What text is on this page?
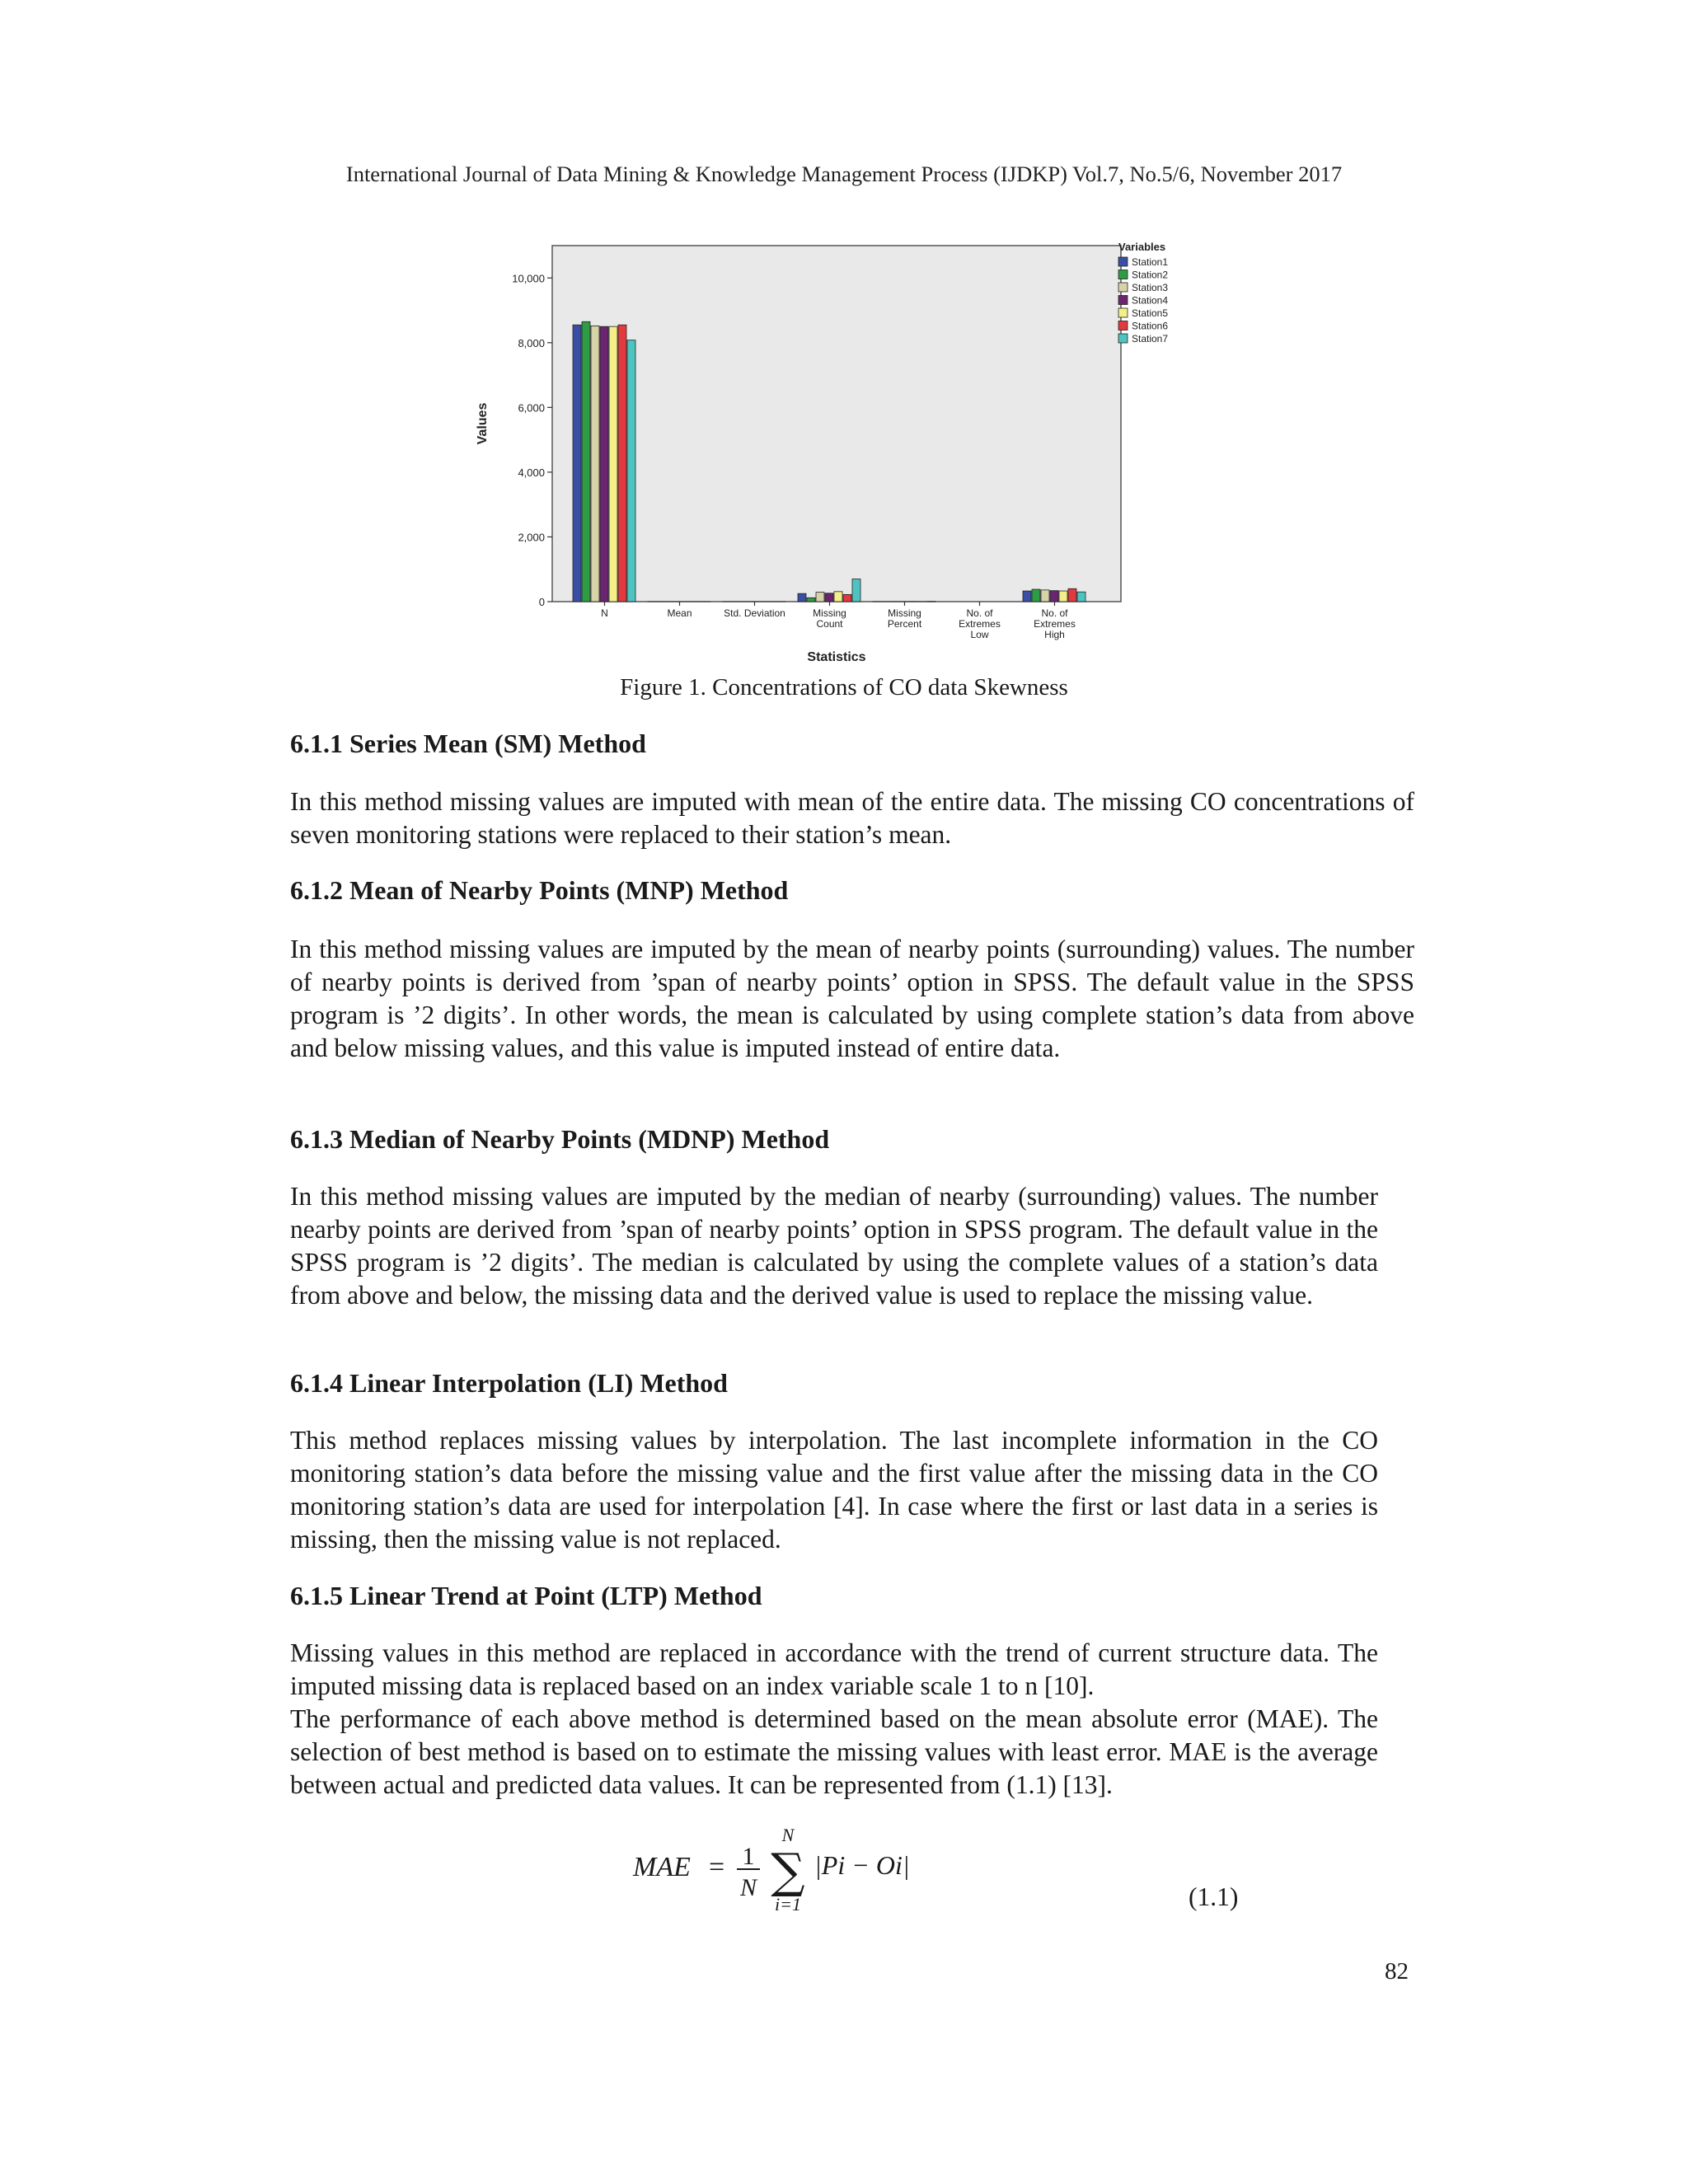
International Journal of Data Mining & Knowledge Management Process (IJDKP) Vol.7, No.5/6, November 2017
0
2,000
4,000
6,000
8,000
10,000
Values
N	Mean	Std. Deviation	Missing
Count
Missing
Percent
No. of
Extremes
Low
No. of
Extremes
High
Statistics
Variables
Station1
Station2
Station3
Station4
Station5
Station6
Station7
Figure 1. Concentrations of CO data Skewness
6.1.1 Series Mean (SM) Method

In this method missing values are imputed with mean of the entire data. The missing CO concentrations of seven monitoring stations were replaced to their station’s mean.

6.1.2 Mean of Nearby Points (MNP) Method

In this method missing values are imputed by the mean of nearby points (surrounding) values. The number of nearby points is derived from ’span of nearby points’ option in SPSS. The default value in the SPSS program is ’2 digits’. In other words, the mean is calculated by using complete station’s data from above and below missing values, and this value is imputed instead of entire data.

6.1.3 Median of Nearby Points (MDNP) Method

In this method missing values are imputed by the median of nearby (surrounding) values. The number nearby points are derived from ’span of nearby points’ option in SPSS program. The default value in the SPSS program is ’2 digits’. The median is calculated by using the complete values of a station’s data from above and below, the missing data and the derived value is used to replace the missing value.

6.1.4 Linear Interpolation (LI) Method

This method replaces missing values by interpolation. The last incomplete information in the CO monitoring station’s data before the missing value and the first value after the missing data in the CO monitoring station’s data are used for interpolation [4]. In case where the first or last data in a series is missing, then the missing value is not replaced.

6.1.5 Linear Trend at Point (LTP) Method

Missing values in this method are replaced in accordance with the trend of current structure data. The imputed missing data is replaced based on an index variable scale 1 to n [10].

The performance of each above method is determined based on the mean absolute error (MAE). The selection of best method is based on to estimate the missing values with least error. MAE is the average between actual and predicted data values. It can be represented from (1.1) [13].

MAE = 1
N
N
∑
i=1
|Pi − Oi|
(1.1)
82
